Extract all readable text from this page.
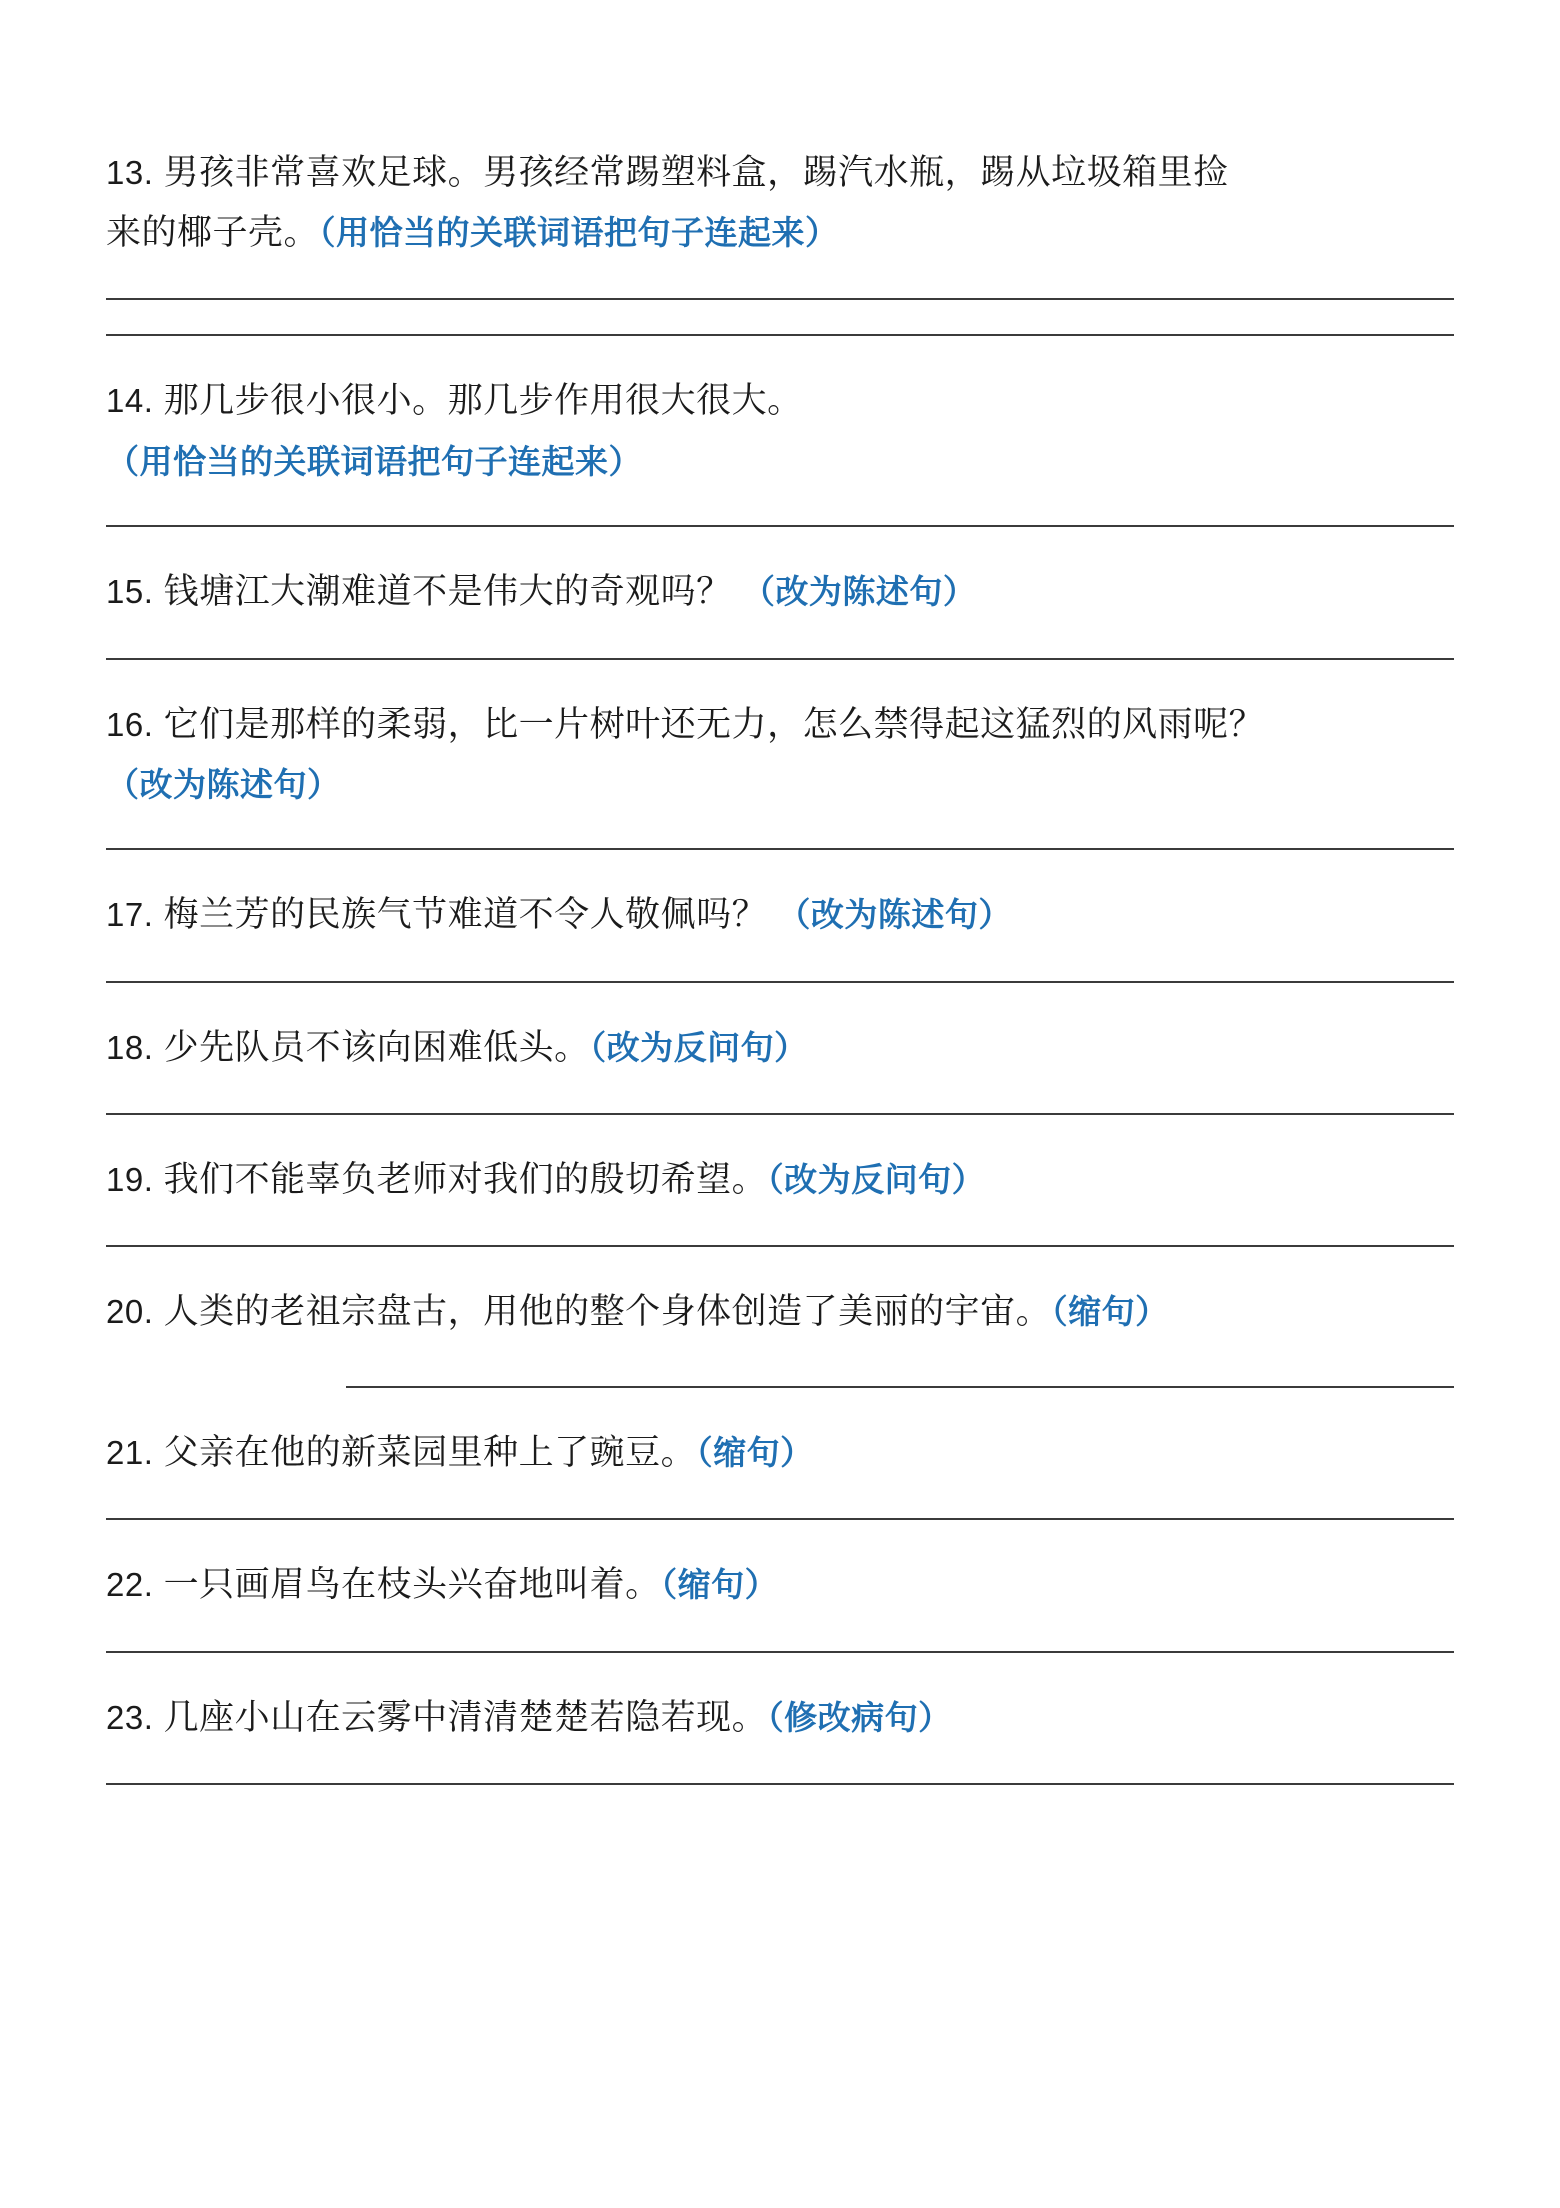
13. 男孩非常喜欢足球。男孩经常踢塑料盒，踢汽水瓶，踢从垃圾箱里捡
来的椰子壳。（用恰当的关联词语把句子连起来）

14. 那几步很小很小。那几步作用很大很大。

（用恰当的关联词语把句子连起来）

15. 钱塘江大潮难道不是伟大的奇观吗？ （改为陈述句）

16. 它们是那样的柔弱，比一片树叶还无力，怎么禁得起这猛烈的风雨呢？

（改为陈述句）

17. 梅兰芳的民族气节难道不令人敬佩吗？ （改为陈述句）

18. 少先队员不该向困难低头。（改为反问句）

19. 我们不能辜负老师对我们的殷切希望。（改为反问句）

20. 人类的老祖宗盘古，用他的整个身体创造了美丽的宇宙。（缩句）

21. 父亲在他的新菜园里种上了豌豆。（缩句）

22. 一只画眉鸟在枝头兴奋地叫着。（缩句）

23. 几座小山在云雾中清清楚楚若隐若现。（修改病句）
